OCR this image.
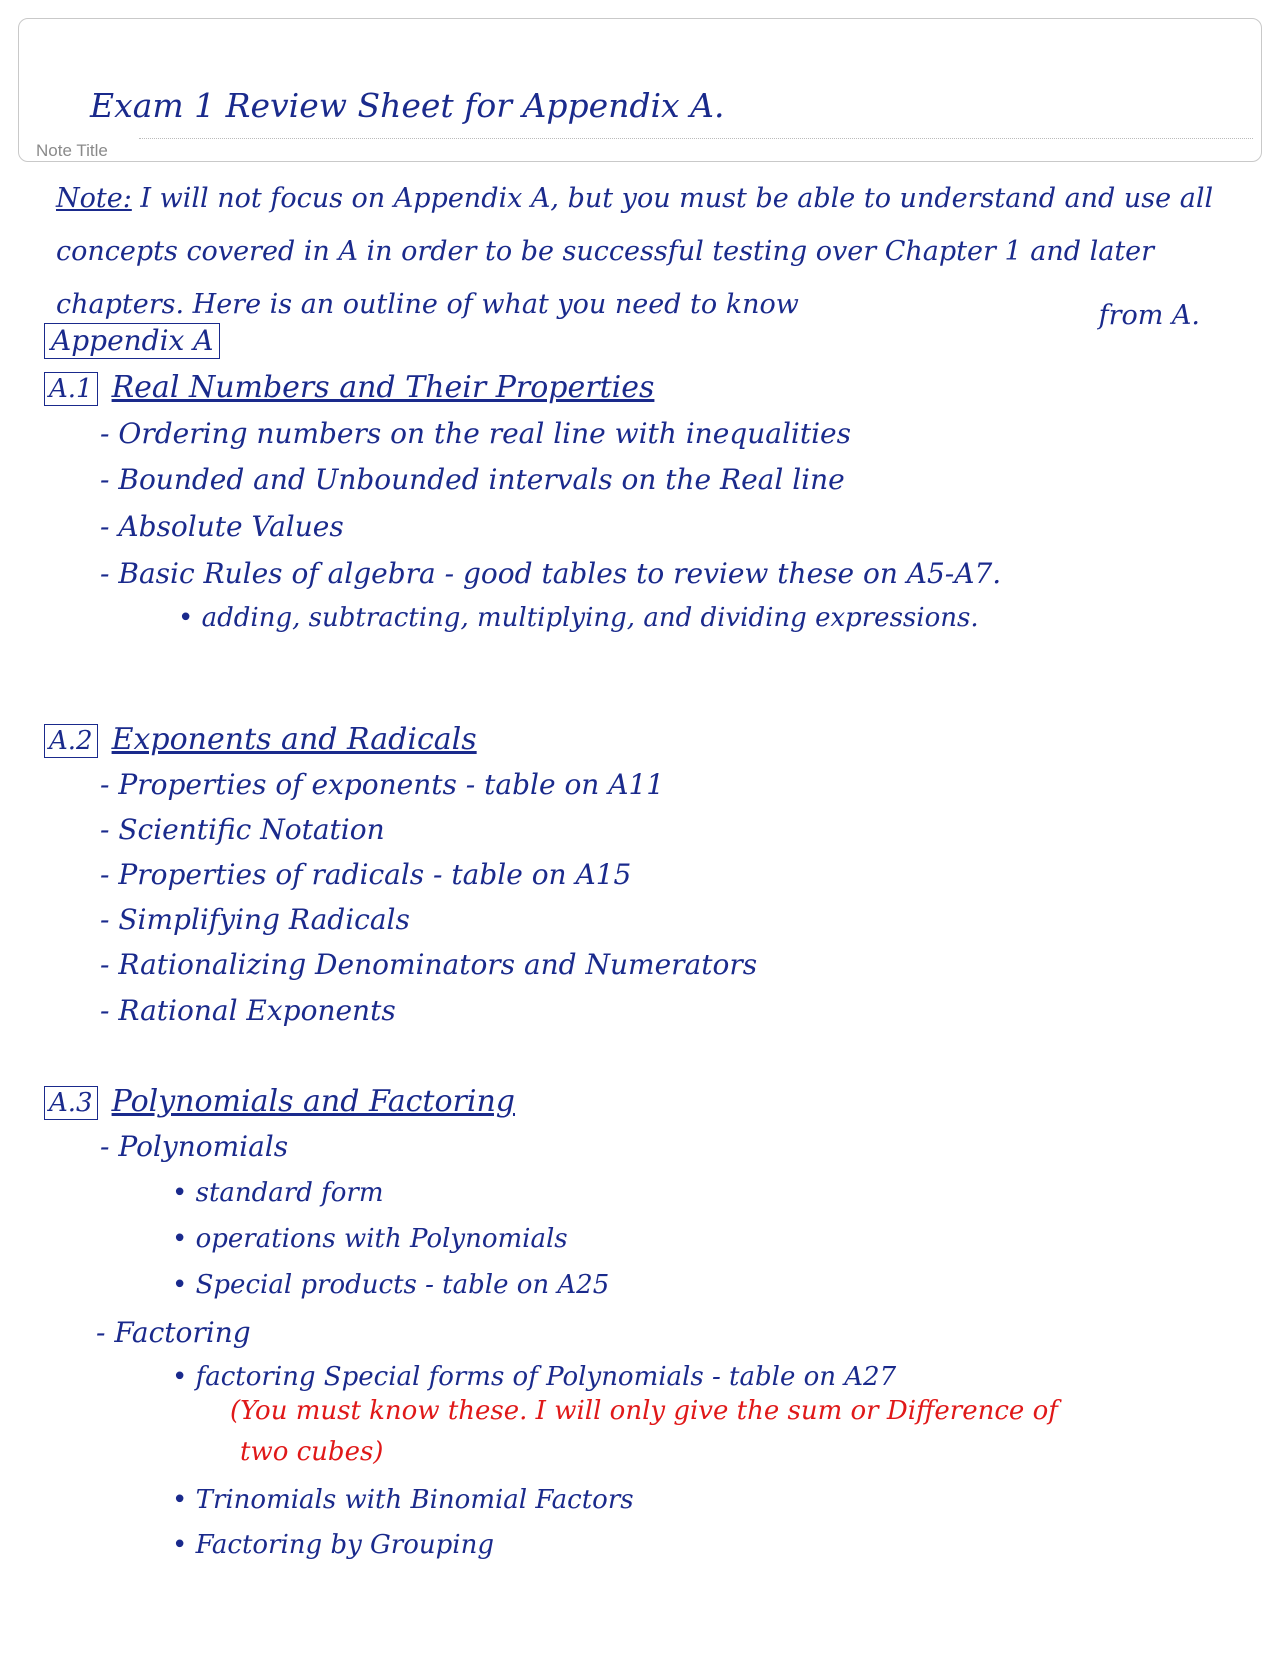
Note Title
Exam 1 Review Sheet for Appendix A.
Note: I will not focus on Appendix A, but you must be able to understand and use all concepts covered in A in order to be successful testing over Chapter 1 and later chapters. Here is an outline of what you need to know	from A.
Appendix A
A.1 Real Numbers and Their Properties
- Ordering numbers on the real line with inequalities
- Bounded and Unbounded intervals on the Real line
- Absolute Values
- Basic Rules of algebra - good tables to review these on A5-A7.
• adding, subtracting, multiplying, and dividing expressions.
A.2 Exponents and Radicals
- Properties of exponents - table on A11
- Scientific Notation
- Properties of radicals - table on A15
- Simplifying Radicals
- Rationalizing Denominators and Numerators
- Rational Exponents
A.3 Polynomials and Factoring
- Polynomials
• standard form
• operations with Polynomials
• Special products - table on A25
- Factoring
• factoring Special forms of Polynomials - table on A27
(You must know these. I will only give the sum or Difference of
two cubes)
• Trinomials with Binomial Factors
• Factoring by Grouping
